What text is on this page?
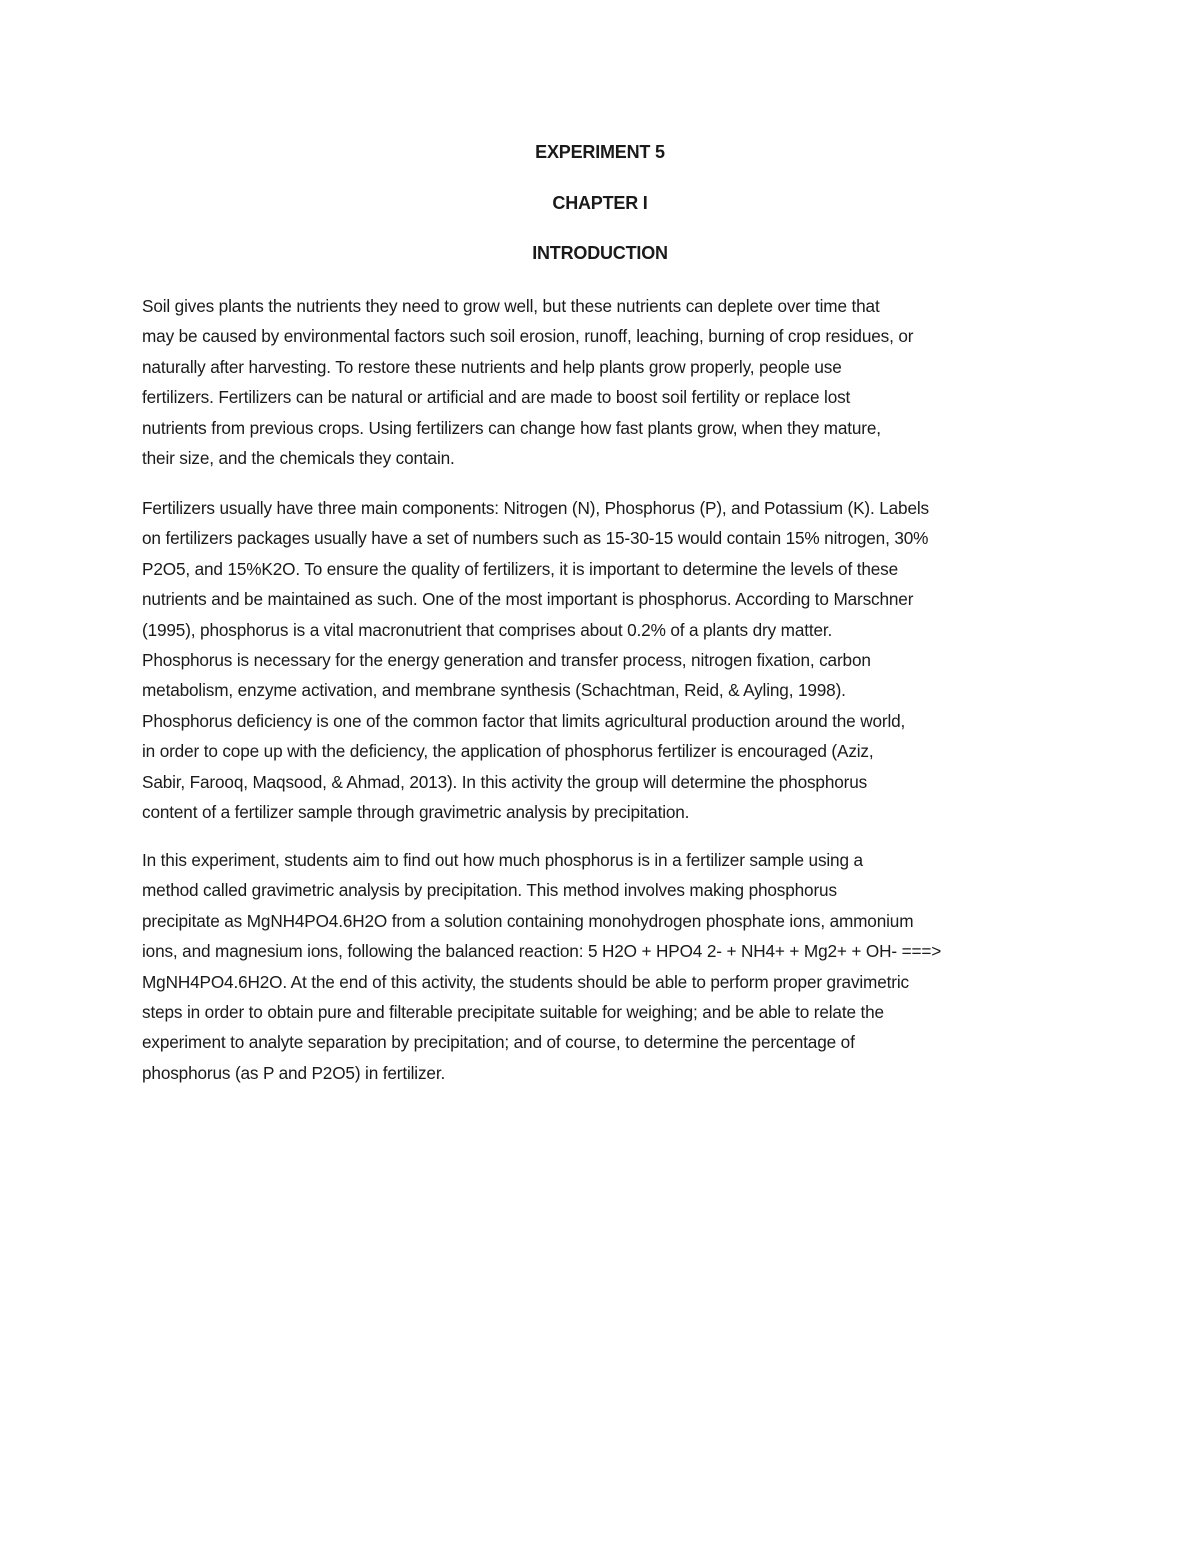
EXPERIMENT 5
CHAPTER I
INTRODUCTION
Soil gives plants the nutrients they need to grow well, but these nutrients can deplete over time that
may be caused by environmental factors such soil erosion, runoff, leaching, burning of crop residues, or
naturally after harvesting. To restore these nutrients and help plants grow properly, people use
fertilizers. Fertilizers can be natural or artificial and are made to boost soil fertility or replace lost
nutrients from previous crops. Using fertilizers can change how fast plants grow, when they mature,
their size, and the chemicals they contain.
Fertilizers usually have three main components: Nitrogen (N), Phosphorus (P), and Potassium (K). Labels
on fertilizers packages usually have a set of numbers such as 15-30-15 would contain 15% nitrogen, 30%
P2O5, and 15%K2O. To ensure the quality of fertilizers, it is important to determine the levels of these
nutrients and be maintained as such. One of the most important is phosphorus. According to Marschner
(1995), phosphorus is a vital macronutrient that comprises about 0.2% of a plants dry matter.
Phosphorus is necessary for the energy generation and transfer process, nitrogen fixation, carbon
metabolism, enzyme activation, and membrane synthesis (Schachtman, Reid, & Ayling, 1998).
Phosphorus deficiency is one of the common factor that limits agricultural production around the world,
in order to cope up with the deficiency, the application of phosphorus fertilizer is encouraged (Aziz,
Sabir, Farooq, Maqsood, & Ahmad, 2013). In this activity the group will determine the phosphorus
content of a fertilizer sample through gravimetric analysis by precipitation.
In this experiment, students aim to find out how much phosphorus is in a fertilizer sample using a
method called gravimetric analysis by precipitation. This method involves making phosphorus
precipitate as MgNH4PO4.6H2O from a solution containing monohydrogen phosphate ions, ammonium
ions, and magnesium ions, following the balanced reaction: 5 H2O + HPO4 2- + NH4+ + Mg2+ + OH- ===>
MgNH4PO4.6H2O. At the end of this activity, the students should be able to perform proper gravimetric
steps in order to obtain pure and filterable precipitate suitable for weighing; and be able to relate the
experiment to analyte separation by precipitation; and of course, to determine the percentage of
phosphorus (as P and P2O5) in fertilizer.
